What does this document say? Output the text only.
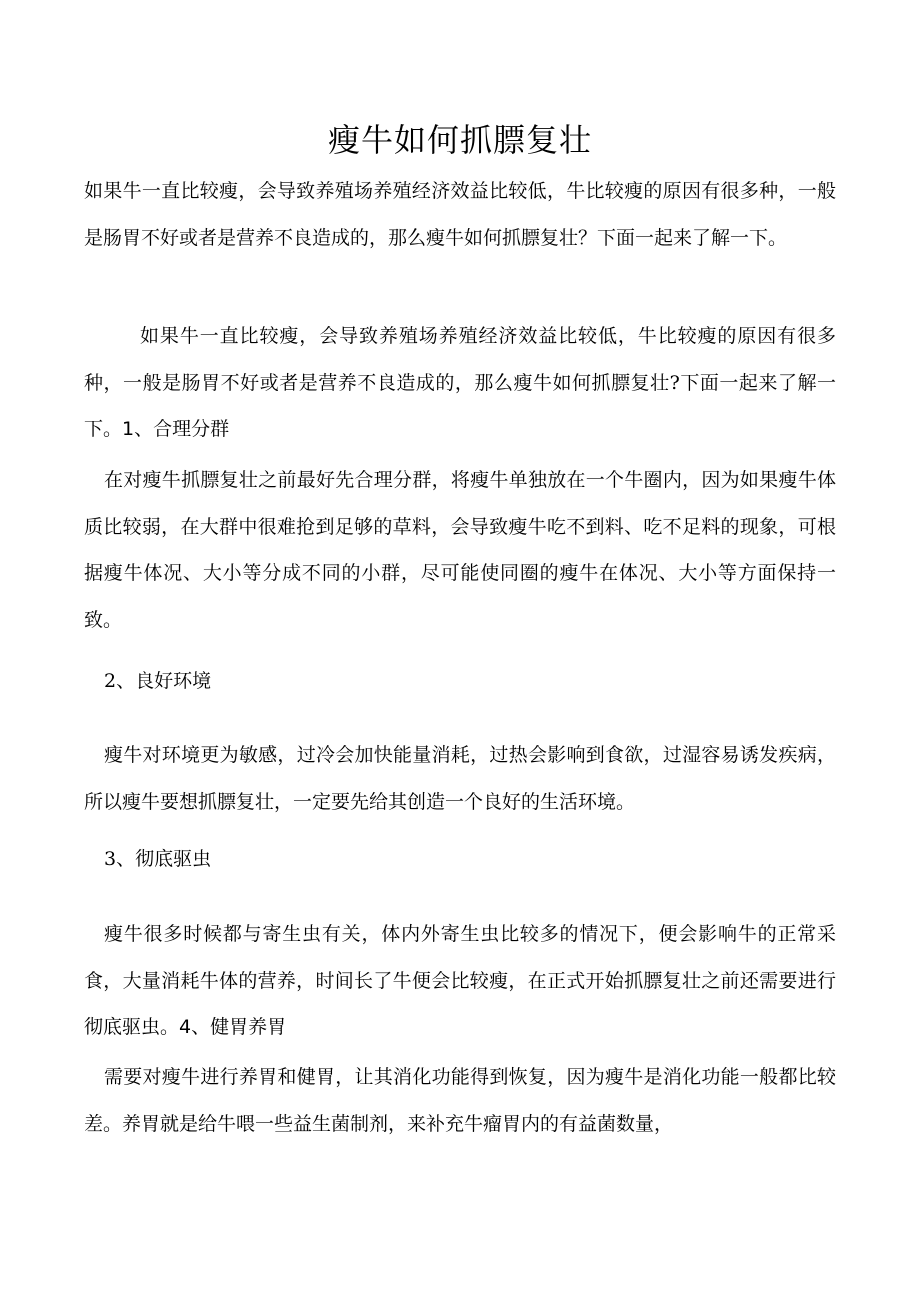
瘦牛如何抓膘复壮

如果牛一直比较瘦，会导致养殖场养殖经济效益比较低，牛比较瘦的原因有很多种，一般是肠胃不好或者是营养不良造成的，那么瘦牛如何抓膘复壮？下面一起来了解一下。

如果牛一直比较瘦，会导致养殖场养殖经济效益比较低，牛比较瘦的原因有很多种，一般是肠胃不好或者是营养不良造成的，那么瘦牛如何抓膘复壮?下面一起来了解一下。1、合理分群

在对瘦牛抓膘复壮之前最好先合理分群，将瘦牛单独放在一个牛圈内，因为如果瘦牛体质比较弱，在大群中很难抢到足够的草料，会导致瘦牛吃不到料、吃不足料的现象，可根据瘦牛体况、大小等分成不同的小群，尽可能使同圈的瘦牛在体况、大小等方面保持一致。

2、良好环境

瘦牛对环境更为敏感，过冷会加快能量消耗，过热会影响到食欲，过湿容易诱发疾病，所以瘦牛要想抓膘复壮，一定要先给其创造一个良好的生活环境。

3、彻底驱虫

瘦牛很多时候都与寄生虫有关，体内外寄生虫比较多的情况下，便会影响牛的正常采食，大量消耗牛体的营养，时间长了牛便会比较瘦，在正式开始抓膘复壮之前还需要进行彻底驱虫。4、健胃养胃

需要对瘦牛进行养胃和健胃，让其消化功能得到恢复，因为瘦牛是消化功能一般都比较差。养胃就是给牛喂一些益生菌制剂，来补充牛瘤胃内的有益菌数量，
